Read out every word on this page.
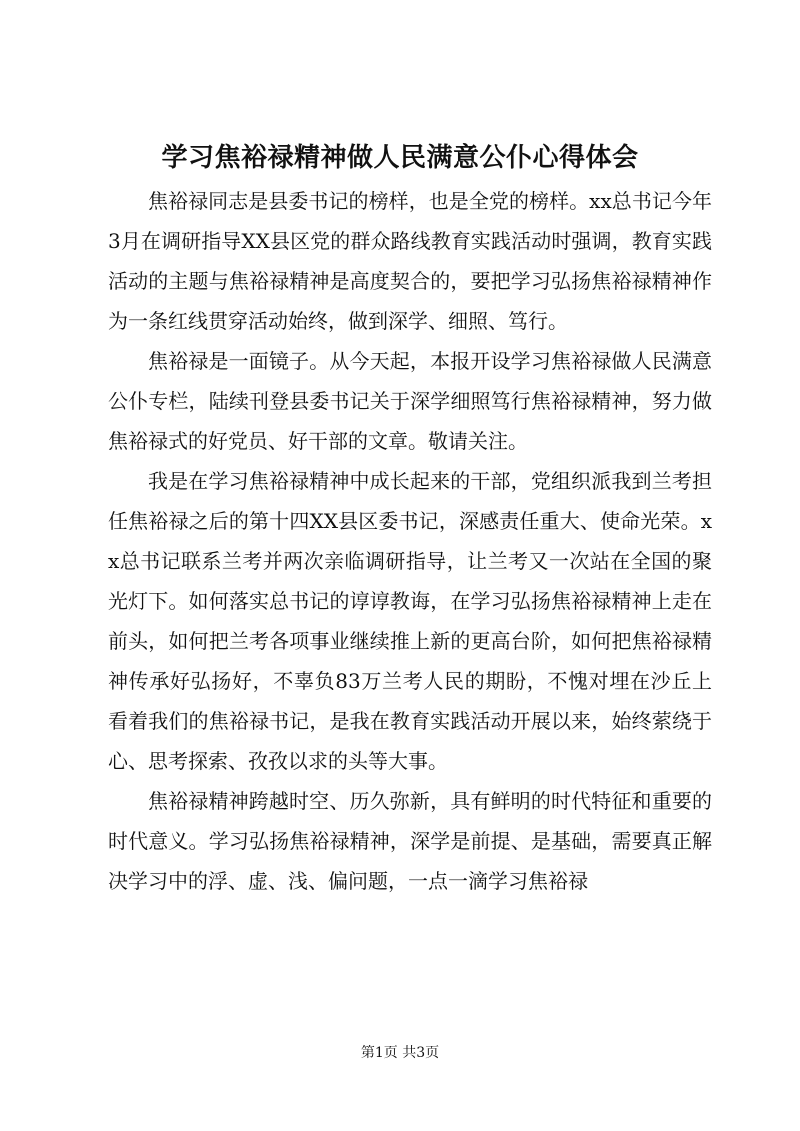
学习焦裕禄精神做人民满意公仆心得体会

焦裕禄同志是县委书记的榜样，也是全党的榜样。xx总书记今年3月在调研指导XX县区党的群众路线教育实践活动时强调，教育实践活动的主题与焦裕禄精神是高度契合的，要把学习弘扬焦裕禄精神作为一条红线贯穿活动始终，做到深学、细照、笃行。

焦裕禄是一面镜子。从今天起，本报开设学习焦裕禄做人民满意公仆专栏，陆续刊登县委书记关于深学细照笃行焦裕禄精神，努力做焦裕禄式的好党员、好干部的文章。敬请关注。

我是在学习焦裕禄精神中成长起来的干部，党组织派我到兰考担任焦裕禄之后的第十四XX县区委书记，深感责任重大、使命光荣。xx总书记联系兰考并两次亲临调研指导，让兰考又一次站在全国的聚光灯下。如何落实总书记的谆谆教诲，在学习弘扬焦裕禄精神上走在前头，如何把兰考各项事业继续推上新的更高台阶，如何把焦裕禄精神传承好弘扬好，不辜负83万兰考人民的期盼，不愧对埋在沙丘上看着我们的焦裕禄书记，是我在教育实践活动开展以来，始终萦绕于心、思考探索、孜孜以求的头等大事。

焦裕禄精神跨越时空、历久弥新，具有鲜明的时代特征和重要的时代意义。学习弘扬焦裕禄精神，深学是前提、是基础，需要真正解决学习中的浮、虚、浅、偏问题，一点一滴学习焦裕禄

第1页 共3页
